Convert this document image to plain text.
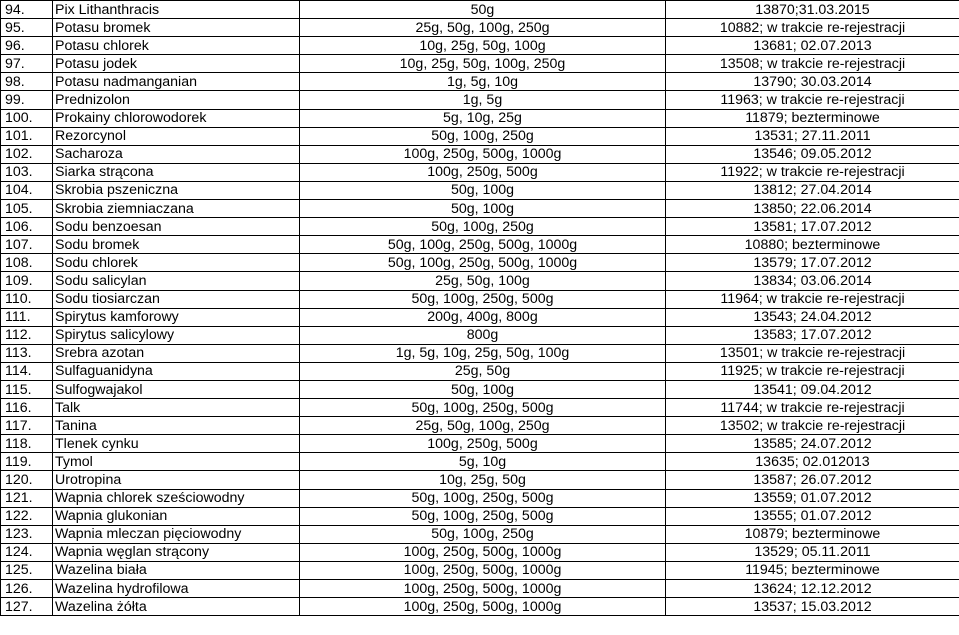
94.	Pix Lithanthracis	50g	13870;31.03.2015
95.	Potasu bromek	25g, 50g, 100g, 250g	10882; w trakcie re-rejestracji
96.	Potasu chlorek	10g, 25g, 50g, 100g	13681; 02.07.2013
97.	Potasu jodek	10g, 25g, 50g, 100g, 250g	13508; w trakcie re-rejestracji
98.	Potasu nadmanganian	1g, 5g, 10g	13790; 30.03.2014
99.	Prednizolon	1g, 5g	11963; w trakcie re-rejestracji
100.	Prokainy chlorowodorek	5g, 10g, 25g	11879; bezterminowe
101.	Rezorcynol	50g, 100g, 250g	13531; 27.11.2011
102.	Sacharoza	100g, 250g, 500g, 1000g	13546; 09.05.2012
103.	Siarka strącona	100g, 250g, 500g	11922; w trakcie re-rejestracji
104.	Skrobia pszeniczna	50g, 100g	13812; 27.04.2014
105.	Skrobia ziemniaczana	50g, 100g	13850; 22.06.2014
106.	Sodu benzoesan	50g, 100g, 250g	13581; 17.07.2012
107.	Sodu bromek	50g, 100g, 250g, 500g, 1000g	10880; bezterminowe
108.	Sodu chlorek	50g, 100g, 250g, 500g, 1000g	13579; 17.07.2012
109.	Sodu salicylan	25g, 50g, 100g	13834; 03.06.2014
110.	Sodu tiosiarczan	50g, 100g, 250g, 500g	11964; w trakcie re-rejestracji
111.	Spirytus kamforowy	200g, 400g, 800g	13543; 24.04.2012
112.	Spirytus salicylowy	800g	13583; 17.07.2012
113.	Srebra azotan	1g, 5g, 10g, 25g, 50g, 100g	13501; w trakcie re-rejestracji
114.	Sulfaguanidyna	25g, 50g	11925; w trakcie re-rejestracji
115.	Sulfogwajakol	50g, 100g	13541; 09.04.2012
116.	Talk	50g, 100g, 250g, 500g	11744; w trakcie re-rejestracji
117.	Tanina	25g, 50g, 100g, 250g	13502; w trakcie re-rejestracji
118.	Tlenek cynku	100g, 250g, 500g	13585; 24.07.2012
119.	Tymol	5g, 10g	13635; 02.012013
120.	Urotropina	10g, 25g, 50g	13587; 26.07.2012
121.	Wapnia chlorek sześciowodny	50g, 100g, 250g, 500g	13559; 01.07.2012
122.	Wapnia glukonian	50g, 100g, 250g, 500g	13555; 01.07.2012
123.	Wapnia mleczan pięciowodny	50g, 100g, 250g	10879; bezterminowe
124.	Wapnia węglan strącony	100g, 250g, 500g, 1000g	13529; 05.11.2011
125.	Wazelina biała	100g, 250g, 500g, 1000g	11945; bezterminowe
126.	Wazelina hydrofilowa	100g, 250g, 500g, 1000g	13624; 12.12.2012
127.	Wazelina żółta	100g, 250g, 500g, 1000g	13537; 15.03.2012
